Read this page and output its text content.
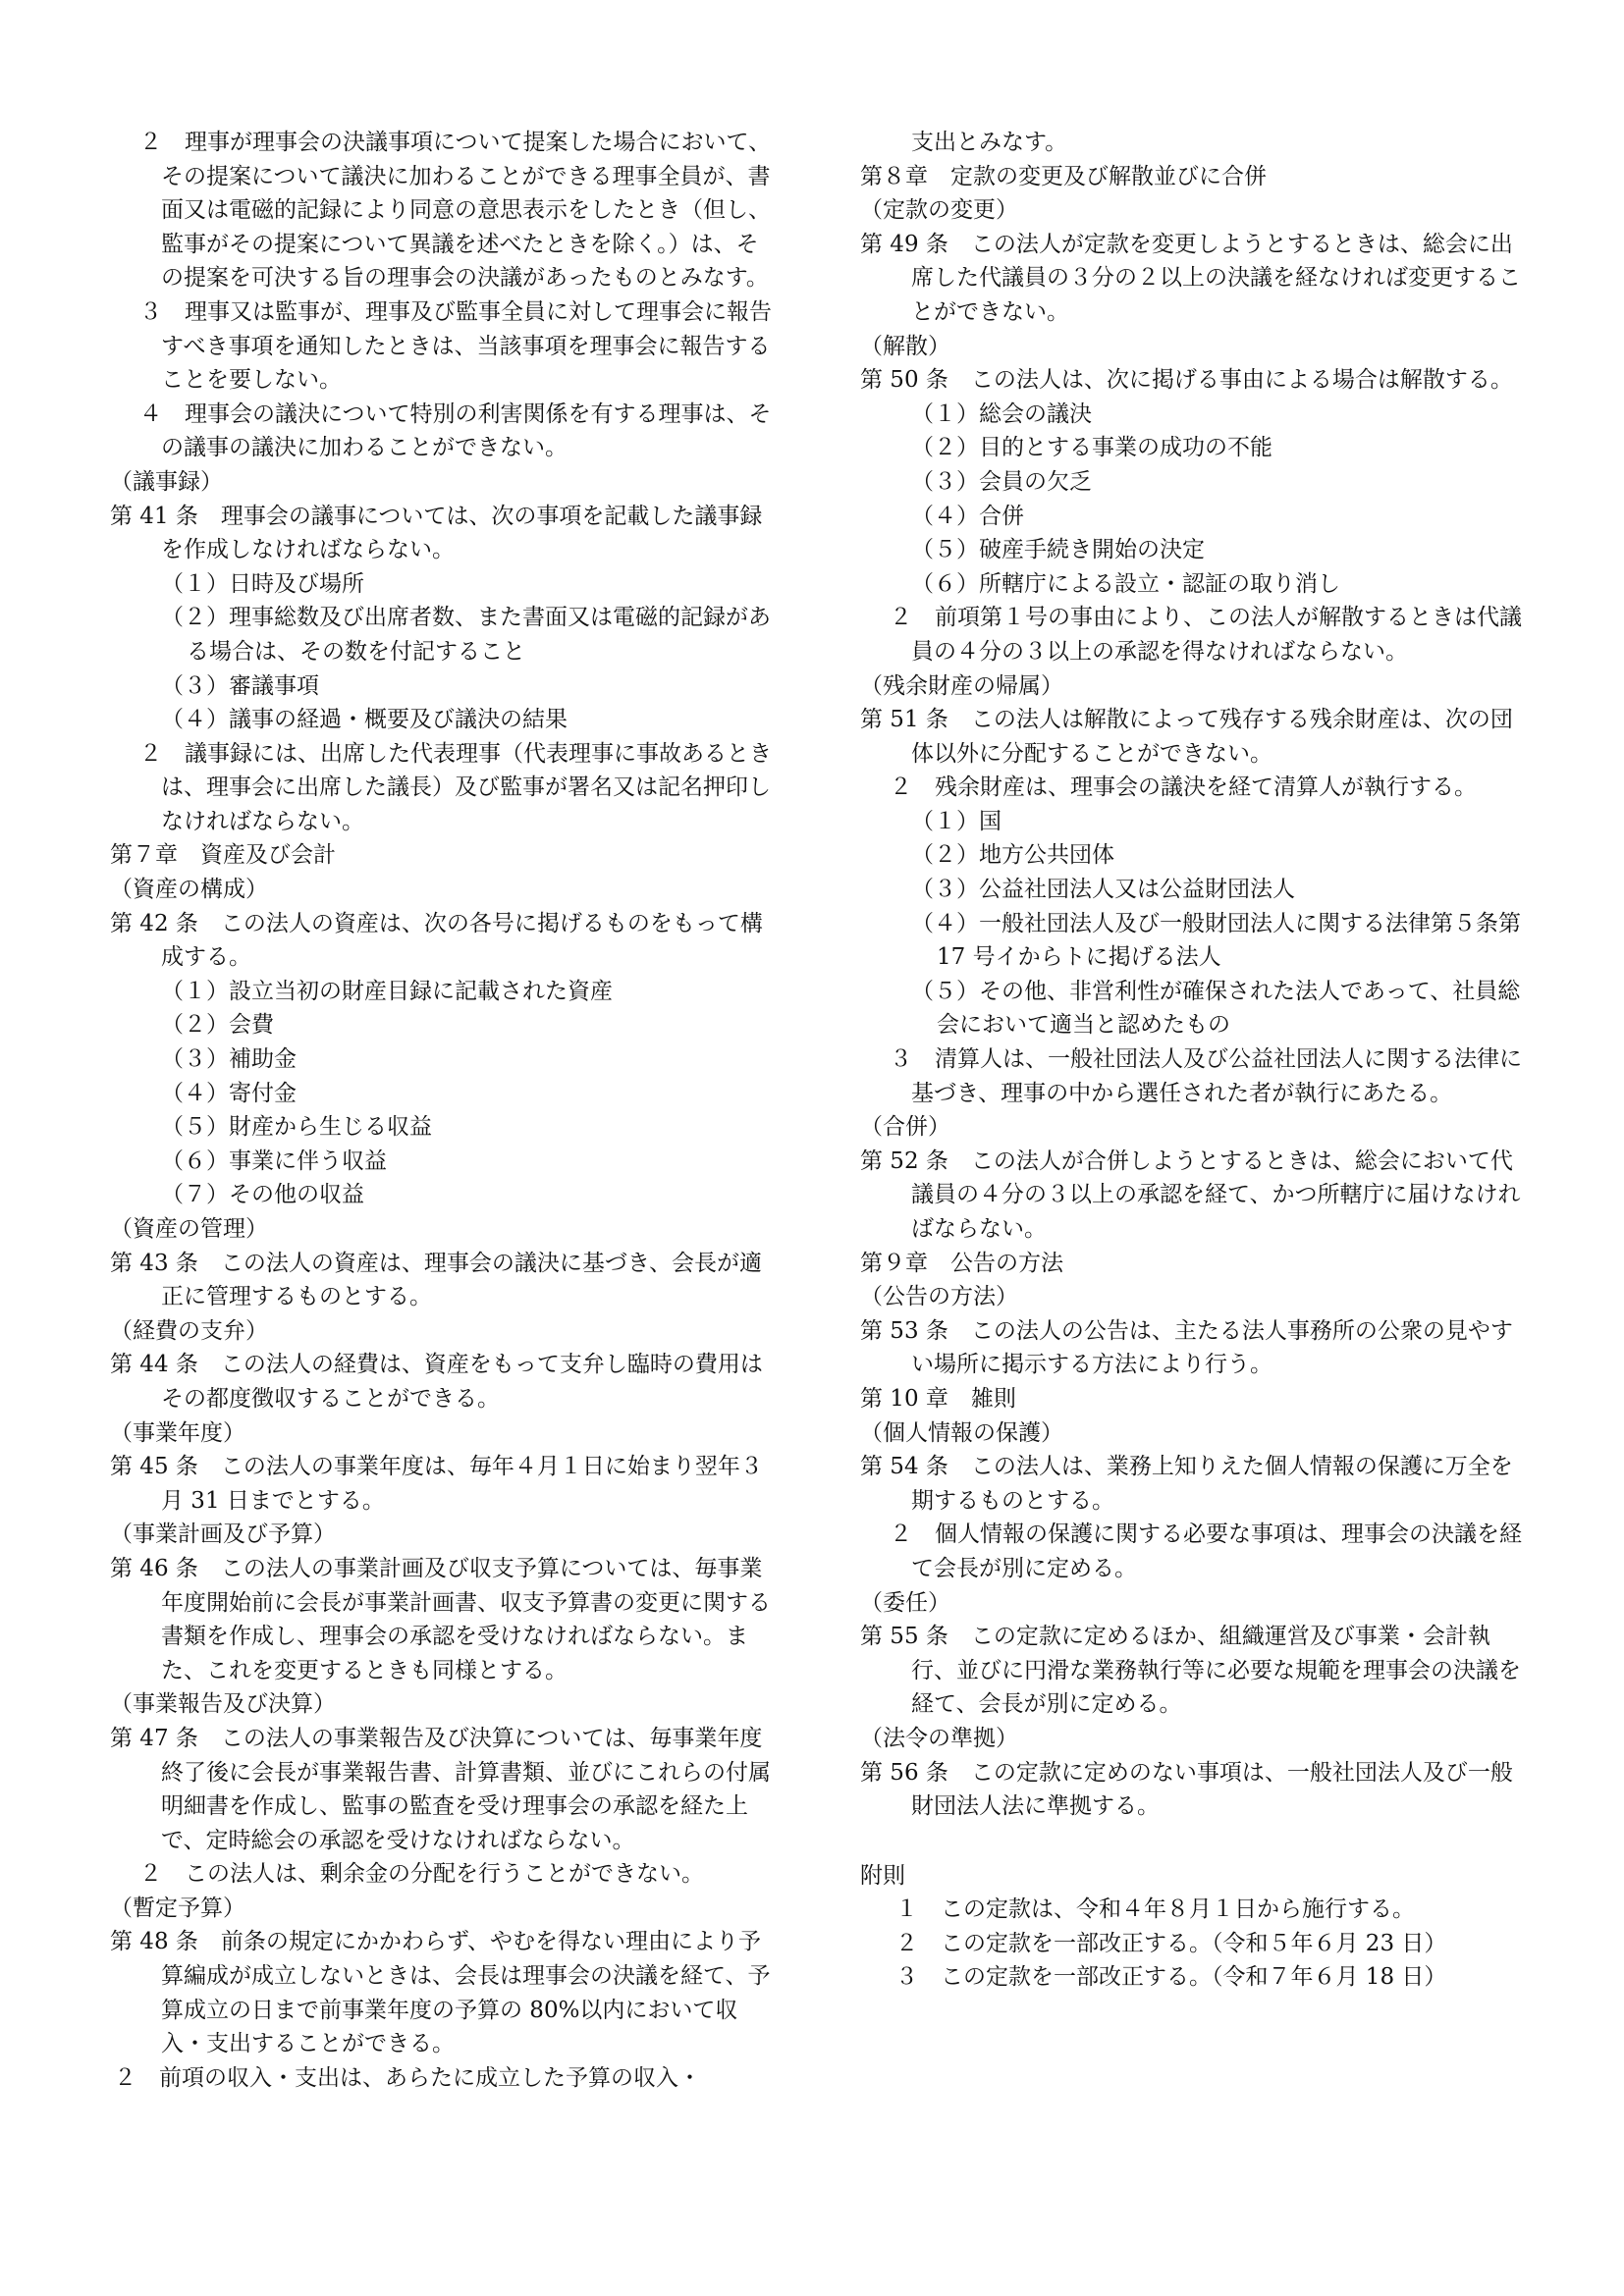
２　理事が理事会の決議事項について提案した場合において、その提案について議決に加わることができる理事全員が、書面又は電磁的記録により同意の意思表示をしたとき（但し、監事がその提案について異議を述べたときを除く。）は、その提案を可決する旨の理事会の決議があったものとみなす。
３　理事又は監事が、理事及び監事全員に対して理事会に報告すべき事項を通知したときは、当該事項を理事会に報告することを要しない。
４　理事会の議決について特別の利害関係を有する理事は、その議事の議決に加わることができない。
（議事録）
第 41 条　理事会の議事については、次の事項を記載した議事録を作成しなければならない。
（１）日時及び場所
（２）理事総数及び出席者数、また書面又は電磁的記録がある場合は、その数を付記すること
（３）審議事項
（４）議事の経過・概要及び議決の結果
２　議事録には、出席した代表理事（代表理事に事故あるときは、理事会に出席した議長）及び監事が署名又は記名押印しなければならない。
第７章　資産及び会計
（資産の構成）
第 42 条　この法人の資産は、次の各号に掲げるものをもって構成する。
（１）設立当初の財産目録に記載された資産
（２）会費
（３）補助金
（４）寄付金
（５）財産から生じる収益
（６）事業に伴う収益
（７）その他の収益
（資産の管理）
第 43 条　この法人の資産は、理事会の議決に基づき、会長が適正に管理するものとする。
（経費の支弁）
第 44 条　この法人の経費は、資産をもって支弁し臨時の費用はその都度徴収することができる。
（事業年度）
第 45 条　この法人の事業年度は、毎年４月１日に始まり翌年３月 31 日までとする。
（事業計画及び予算）
第 46 条　この法人の事業計画及び収支予算については、毎事業年度開始前に会長が事業計画書、収支予算書の変更に関する書類を作成し、理事会の承認を受けなければならない。また、これを変更するときも同様とする。
（事業報告及び決算）
第 47 条　この法人の事業報告及び決算については、毎事業年度終了後に会長が事業報告書、計算書類、並びにこれらの付属明細書を作成し、監事の監査を受け理事会の承認を経た上で、定時総会の承認を受けなければならない。
２　この法人は、剰余金の分配を行うことができない。
（暫定予算）
第 48 条　前条の規定にかかわらず、やむを得ない理由により予算編成が成立しないときは、会長は理事会の決議を経て、予算成立の日まで前事業年度の予算の 80%以内において収入・支出することができる。
２　前項の収入・支出は、あらたに成立した予算の収入・
支出とみなす。
第８章　定款の変更及び解散並びに合併
（定款の変更）
第 49 条　この法人が定款を変更しようとするときは、総会に出席した代議員の３分の２以上の決議を経なければ変更することができない。
（解散）
第 50 条　この法人は、次に掲げる事由による場合は解散する。
（１）総会の議決
（２）目的とする事業の成功の不能
（３）会員の欠乏
（４）合併
（５）破産手続き開始の決定
（６）所轄庁による設立・認証の取り消し
２　前項第１号の事由により、この法人が解散するときは代議員の４分の３以上の承認を得なければならない。
（残余財産の帰属）
第 51 条　この法人は解散によって残存する残余財産は、次の団体以外に分配することができない。
２　残余財産は、理事会の議決を経て清算人が執行する。
（１）国
（２）地方公共団体
（３）公益社団法人又は公益財団法人
（４）一般社団法人及び一般財団法人に関する法律第５条第 17 号イからトに掲げる法人
（５）その他、非営利性が確保された法人であって、社員総会において適当と認めたもの
３　清算人は、一般社団法人及び公益社団法人に関する法律に基づき、理事の中から選任された者が執行にあたる。
（合併）
第 52 条　この法人が合併しようとするときは、総会において代議員の４分の３以上の承認を経て、かつ所轄庁に届けなければならない。
第９章　公告の方法
（公告の方法）
第 53 条　この法人の公告は、主たる法人事務所の公衆の見やすい場所に掲示する方法により行う。
第 10 章　雑則
（個人情報の保護）
第 54 条　この法人は、業務上知りえた個人情報の保護に万全を期するものとする。
２　個人情報の保護に関する必要な事項は、理事会の決議を経て会長が別に定める。
（委任）
第 55 条　この定款に定めるほか、組織運営及び事業・会計執行、並びに円滑な業務執行等に必要な規範を理事会の決議を経て、会長が別に定める。
（法令の準拠）
第 56 条　この定款に定めのない事項は、一般社団法人及び一般財団法人法に準拠する。
附則
１　この定款は、令和４年８月１日から施行する。
２　この定款を一部改正する。（令和５年６月 23 日）
３　この定款を一部改正する。（令和７年６月 18 日）
